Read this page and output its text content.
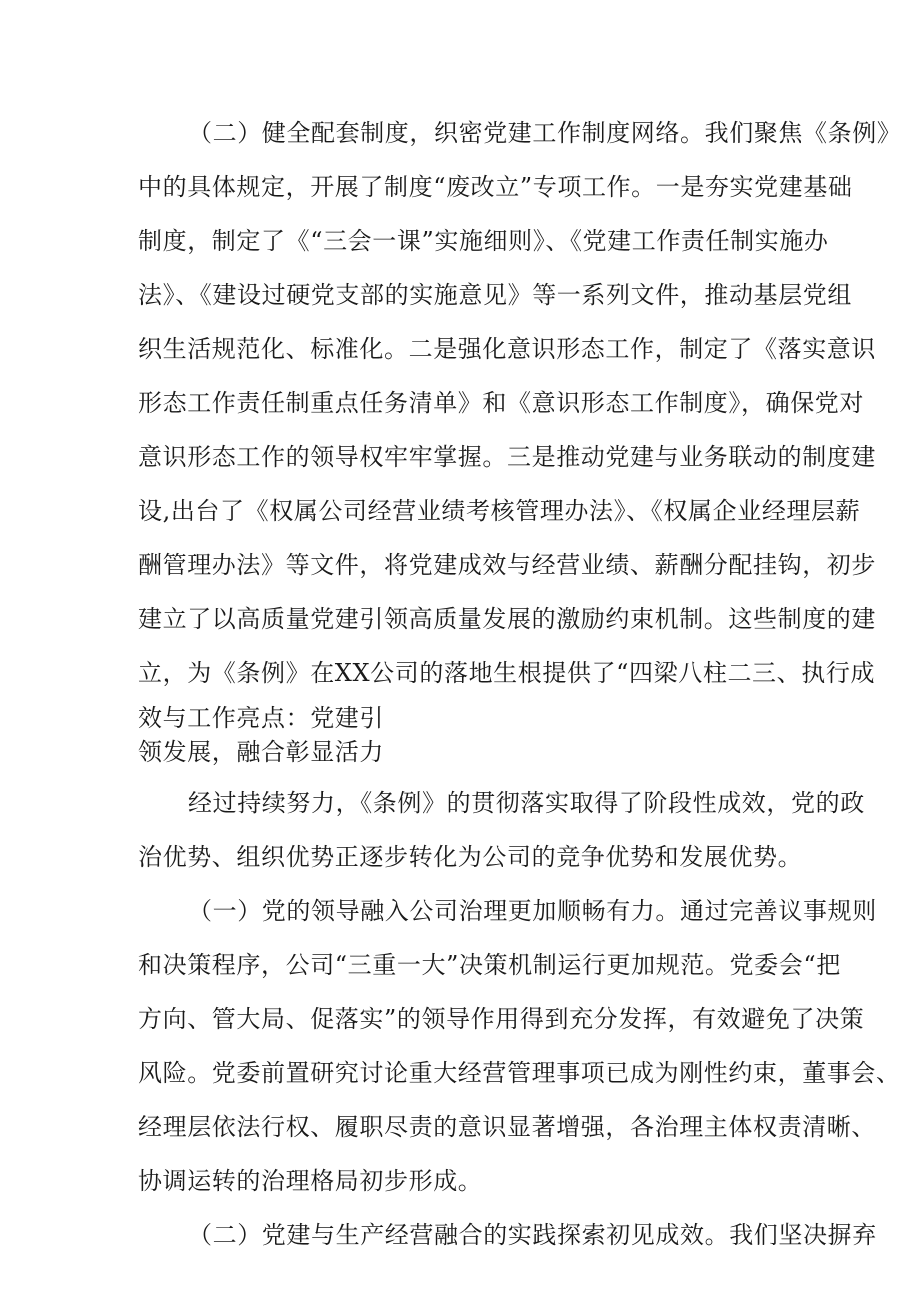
（二）健全配套制度，织密党建工作制度网络。我们聚焦《条例》
中的具体规定，开展了制度“废改立”专项工作。一是夯实党建基础
制度，制定了《“三会一课”实施细则》、《党建工作责任制实施办
法》、《建设过硬党支部的实施意见》等一系列文件，推动基层党组
织生活规范化、标准化。二是强化意识形态工作，制定了《落实意识
形态工作责任制重点任务清单》和《意识形态工作制度》，确保党对
意识形态工作的领导权牢牢掌握。三是推动党建与业务联动的制度建
设,出台了《权属公司经营业绩考核管理办法》、《权属企业经理层薪
酬管理办法》等文件，将党建成效与经营业绩、薪酬分配挂钩，初步
建立了以高质量党建引领高质量发展的激励约束机制。这些制度的建
立，为《条例》在XX公司的落地生根提供了“四梁八柱二三、执行成
效与工作亮点：党建引
领发展，融合彰显活力
经过持续努力，《条例》的贯彻落实取得了阶段性成效，党的政
治优势、组织优势正逐步转化为公司的竞争优势和发展优势。
（一）党的领导融入公司治理更加顺畅有力。通过完善议事规则
和决策程序，公司“三重一大”决策机制运行更加规范。党委会“把
方向、管大局、促落实”的领导作用得到充分发挥，有效避免了决策
风险。党委前置研究讨论重大经营管理事项已成为刚性约束，董事会、
经理层依法行权、履职尽责的意识显著增强，各治理主体权责清晰、
协调运转的治理格局初步形成。
（二）党建与生产经营融合的实践探索初见成效。我们坚决摒弃
